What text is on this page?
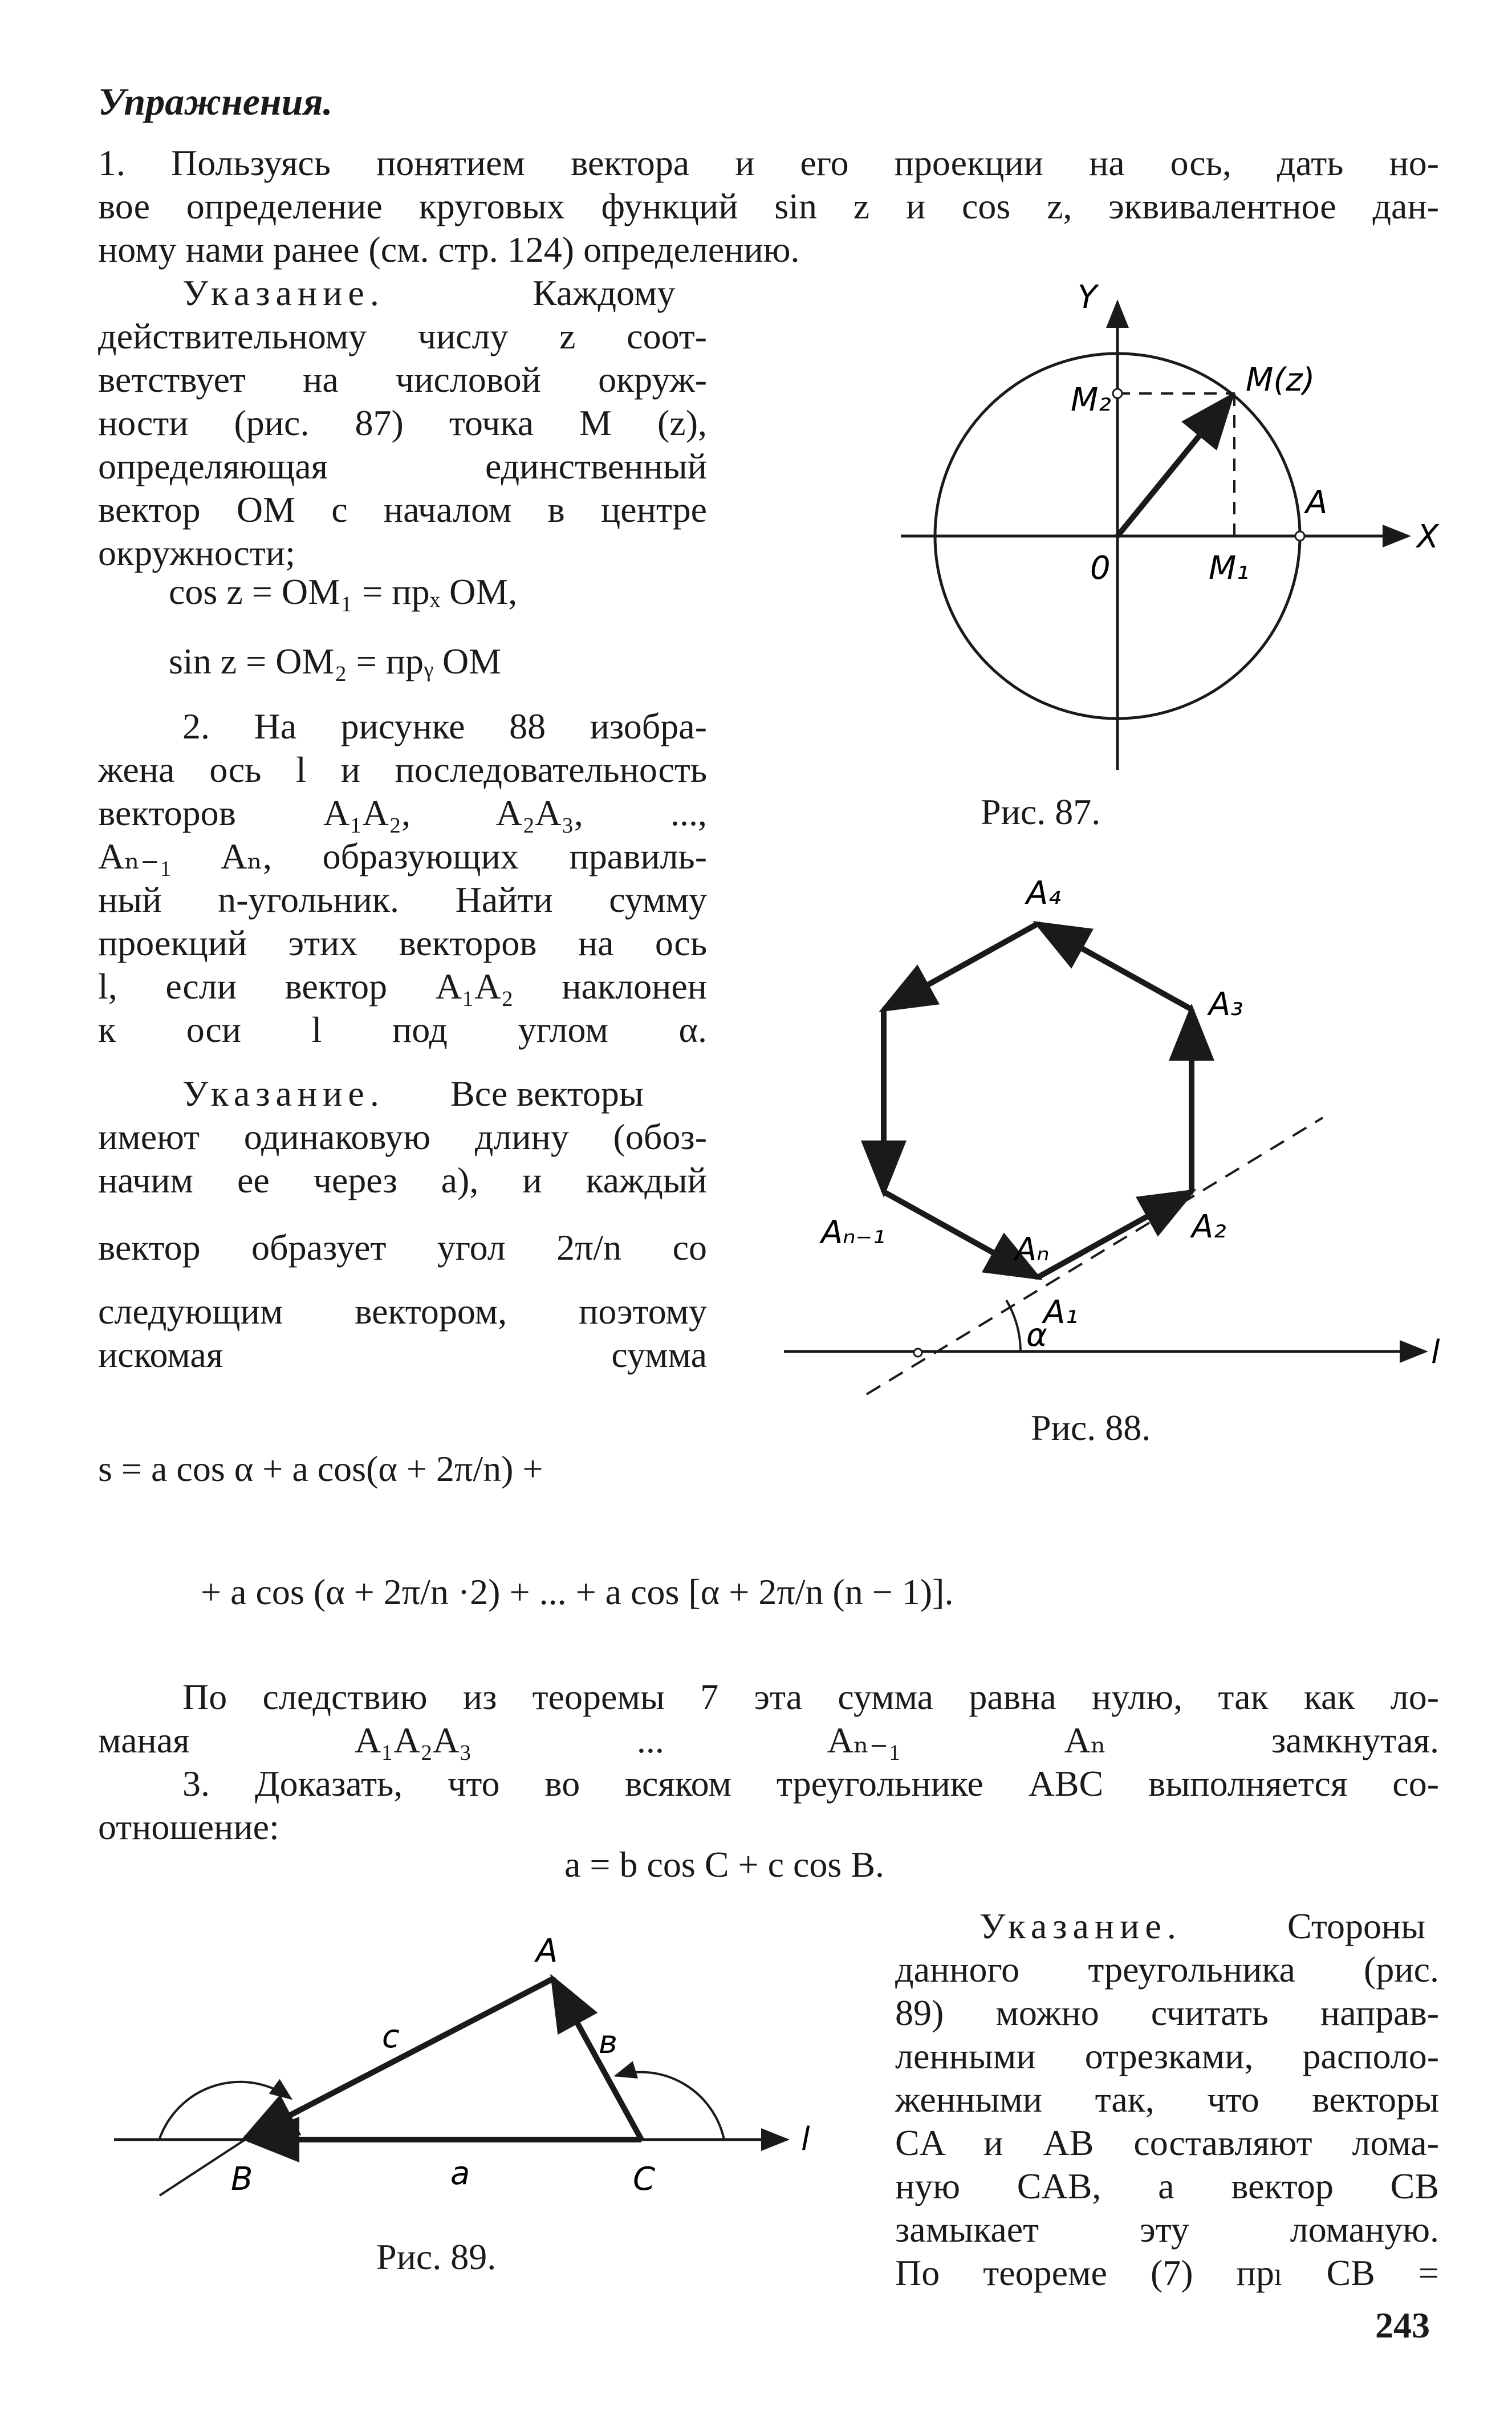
Упражнения.
1. Пользуясь понятием вектора и его проекции на ось, дать но-
вое определение круговых функций sin z и cos z, эквивалентное дан-
ному нами ранее (см. стр. 124) определению.
Указание.	Каждому
действительному числу z соот-
ветствует на числовой окруж-
ности (рис. 87) точка M (z),
определяющая единственный
вектор OM с началом в центре
окружности;
cos z = OM₁ = пpₓ OM,
sin z = OM₂ = пpᵧ OM
2. На рисунке 88 изобра-
жена ось l и последовательность
векторов A₁A₂, A₂A₃, ...,
Aₙ₋₁ Aₙ, образующих правиль-
ный n-угольник. Найти сумму
проекций этих векторов на ось
l, если вектор A₁A₂ наклонен
к оси l под углом α.
Указание. Все векторы
имеют одинаковую длину (обоз-
начим ее через a), и каждый
вектор образует угол 2π/n со
следующим вектором, поэтому
искомая сумма
s = a cos α + a cos(α + 2π/n) +
+ a cos (α + 2π/n ·2) + ... + a cos [α + 2π/n (n − 1)].
По следствию из теоремы 7 эта сумма равна нулю, так как ло-
маная A₁A₂A₃ ... Aₙ₋₁ Aₙ замкнутая.
3. Доказать, что во всяком треугольнике ABC выполняется со-
отношение:
a = b cos C + c cos B.
Указание.	Стороны
данного треугольника (рис.
89) можно считать направ-
ленными отрезками, располо-
женными так, что векторы
CA и AB составляют лома-
ную CAB, а вектор CB
замыкает эту ломаную.
По теореме (7) пpₗ CB =
Y
X
0
A
M(z)
M₁
M₂
Рис. 87.
A₄
A₃
A₂
A₁
Aₙ
Aₙ₋₁
α	l
Рис. 88.
A
B	C
a
в
c
l
Рис. 89.
243
